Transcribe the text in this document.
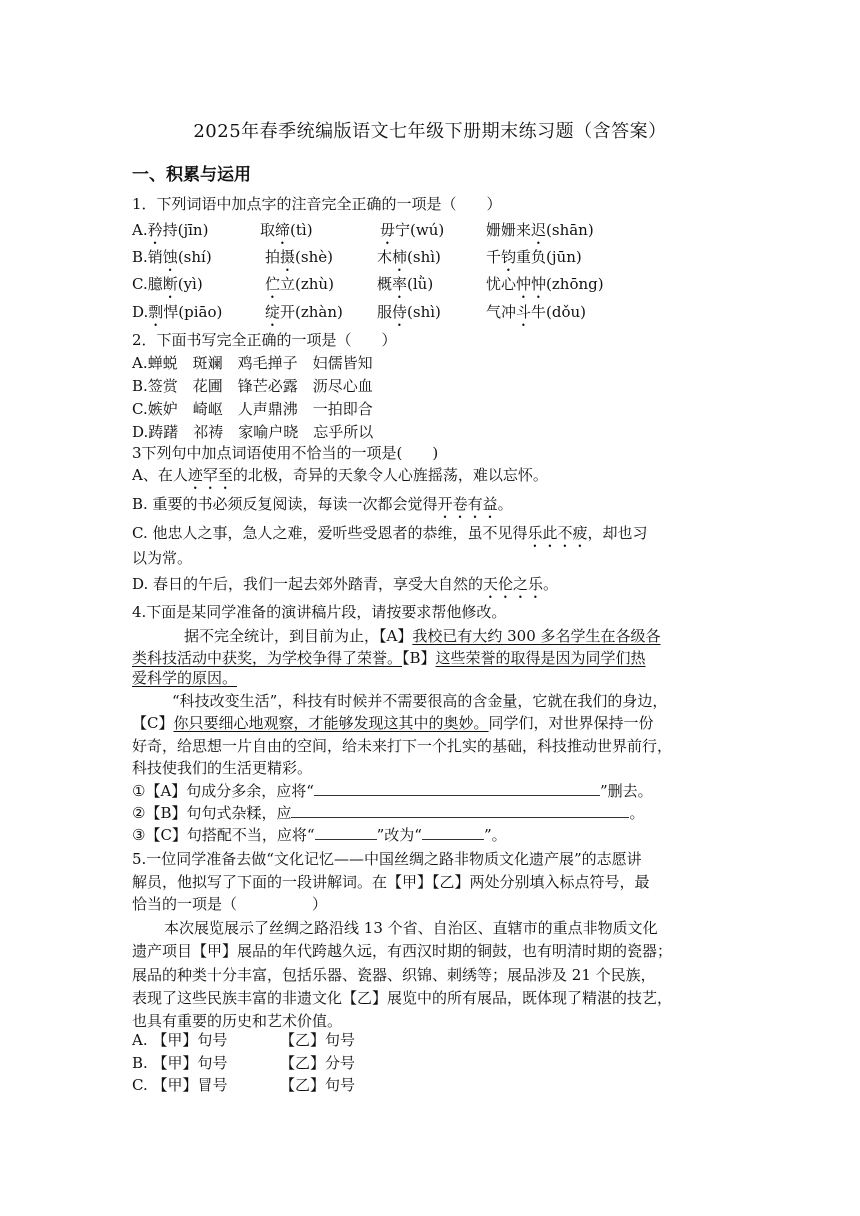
2025年春季统编版语文七年级下册期末练习题（含答案）
一、积累与运用
1．下列词语中加点字的注音完全正确的一项是（　　）
A.矜持(jīn)	取缔(tì)	毋宁(wú)	姗姗来迟(shān)
B.销蚀(shí)	拍摄(shè)	木柿(shì)	千钧重负(jūn)
C.臆断(yì)	伫立(zhù)	概率(lǜ)	忧心忡忡(zhōng)
D.剽悍(piāo)	绽开(zhàn) 服侍(shì)	气冲斗牛(dǒu)
2．下面书写完全正确的一项是（　　）
A.蝉蜕　斑斓　鸡毛掸子　妇儒皆知
B.签赏　花圃　锋芒必露　沥尽心血
C.嫉妒　崎岖　人声鼎沸　一拍即合
D.踌躇　祁祷　家喻户晓　忘乎所以
3下列句中加点词语使用不恰当的一项是(　　)
A、在人迹罕至的北极，奇异的天象令人心旌摇荡，难以忘怀。
B. 重要的书必须反复阅读，每读一次都会觉得开卷有益。
C. 他忠人之事，急人之难，爱听些受恩者的恭维，虽不见得乐此不疲，却也习
以为常。
D. 春日的午后，我们一起去郊外踏青，享受大自然的天伦之乐。
4.下面是某同学准备的演讲稿片段，请按要求帮他修改。
据不完全统计，到目前为止，【A】我校已有大约 300 多名学生在各级各
类科技活动中获奖，为学校争得了荣誉。【B】这些荣誉的取得是因为同学们热
爱科学的原因。
“科技改变生活”，科技有时候并不需要很高的含金量，它就在我们的身边，
【C】你只要细心地观察，才能够发现这其中的奥妙。同学们，对世界保持一份
好奇，给思想一片自由的空间，给未来打下一个扎实的基础，科技推动世界前行，
科技使我们的生活更精彩。
①【A】句成分多余，应将“	”删去。
②【B】句句式杂糅，应	。
③【C】句搭配不当，应将“	”改为“	”。
5.一位同学准备去做“文化记忆——中国丝绸之路非物质文化遗产展”的志愿讲
解员，他拟写了下面的一段讲解词。在【甲】【乙】两处分别填入标点符号，最
恰当的一项是（　　　　　）
本次展览展示了丝绸之路沿线 13 个省、自治区、直辖市的重点非物质文化
遗产项目【甲】展品的年代跨越久远，有西汉时期的铜鼓，也有明清时期的瓷器；
展品的种类十分丰富，包括乐器、瓷器、织锦、刺绣等；展品涉及 21 个民族，
表现了这些民族丰富的非遗文化【乙】展览中的所有展品，既体现了精湛的技艺，
也具有重要的历史和艺术价值。
A. 【甲】句号	【乙】句号
B. 【甲】句号	【乙】分号
C. 【甲】冒号	【乙】句号
